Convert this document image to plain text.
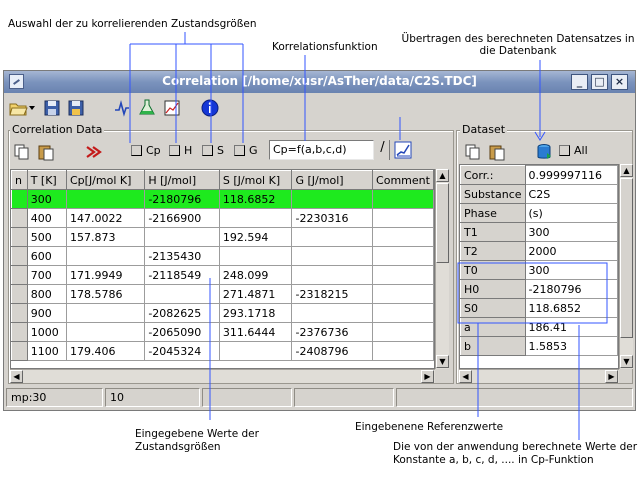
Auswahl der zu korrelierenden Zustandsgrößen
Korrelationsfunktion
Übertragen des berechneten Datensatzes in die Datenbank
Eingegebene Werte der Zustandsgrößen
Eingebenene Referenzwerte
Die von der anwendung berechnete Werte der Konstante a, b, c, d, .... in Cp-Funktion
Correlation [/home/xusr/AsTher/data/C2S.TDC]	_	□ ×
Correlation Data
Cp	H	S	G	Cp=f(a,b,c,d)	/
n	T [K]	Cp[J/mol K]	H [J/mol]	S [J/mol K]	G [J/mol]	Comment
	300		-2180796	118.6852		
	400	147.0022	-2166900		-2230316	
	500	157.873		192.594		
	600		-2135430			
	700	171.9949	-2118549	248.099		
	800	178.5786		271.4871	-2318215	
	900		-2082625	293.1718		
	1000		-2065090	311.6444	-2376736	
	1100	179.406	-2045324		-2408796	
▲
▼
◀	▶
Dataset
All
Corr.:	0.999997116
Substance	C2S
Phase	(s)
T1	300
T2	2000
T0	300
H0	-2180796
S0	118.6852
a	186.41
b	1.5853
▲
▼
◀	▶
mp:30	10
